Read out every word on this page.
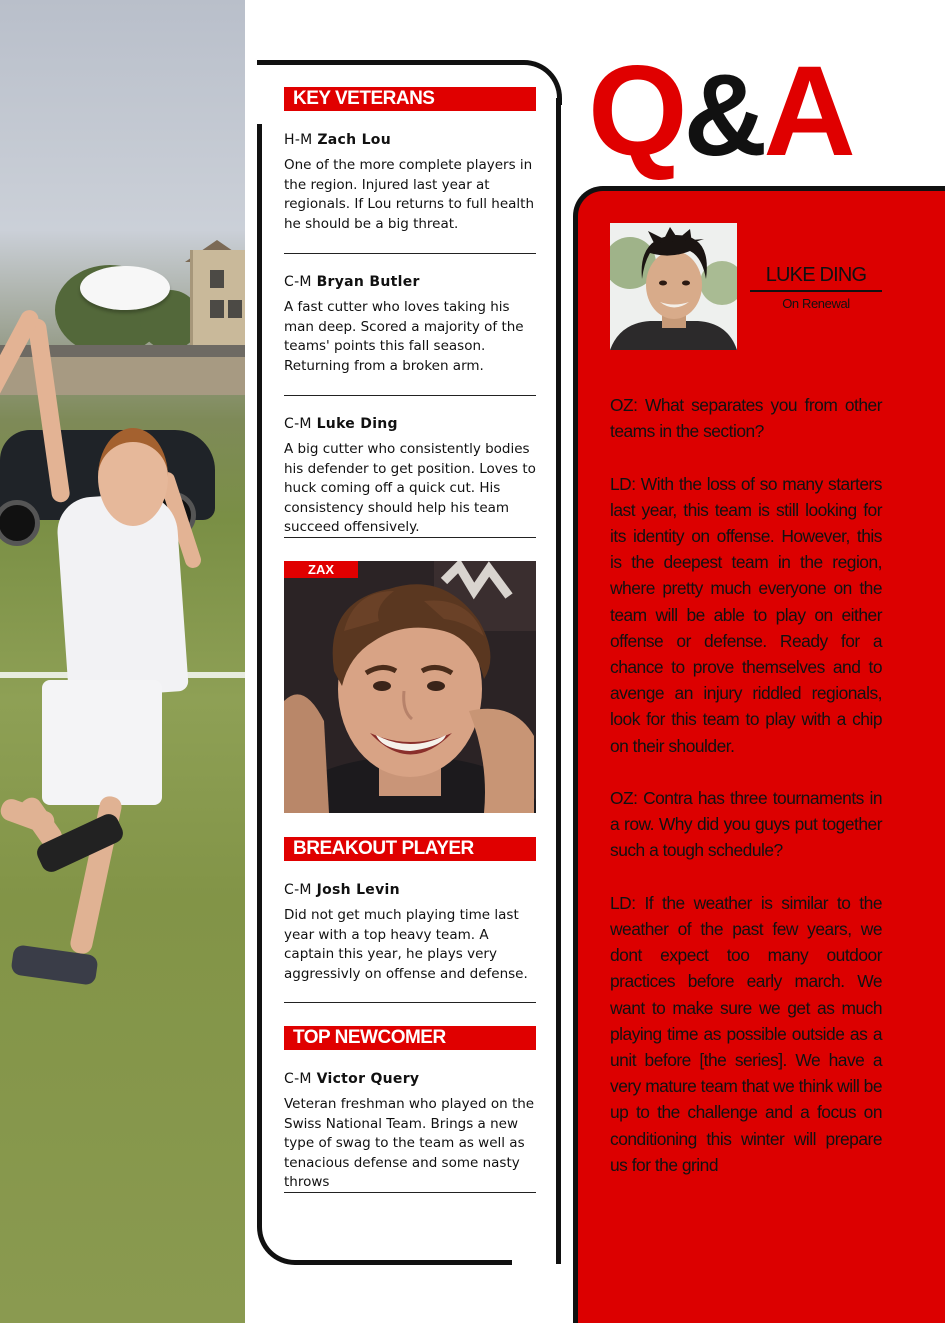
KEY VETERANS

H-M Zach Lou

One of the more complete players in the region. Injured last year at regionals. If Lou returns to full health he should be a big threat.

C-M Bryan Butler

A fast cutter who loves taking his man deep. Scored a majority of the teams' points this fall season. Returning from a broken arm.

C-M Luke Ding

A big cutter who consistently bodies his defender to get position. Loves to huck coming off a quick cut. His consistency should help his team succeed offensively.

ZAX
BREAKOUT PLAYER

C-M Josh Levin

Did not get much playing time last year with a top heavy team. A captain this year, he plays very aggressivly on offense and defense.

TOP NEWCOMER

C-M Victor Query

Veteran freshman who played on the Swiss National Team. Brings a new type of swag to the team as well as tenacious defense and some nasty throws

Q&A
LUKE DING
On Renewal

OZ: What separates you from other teams in the section?

LD: With the loss of so many starters last year, this team is still looking for its identity on offense. However, this is the deepest team in the region, where pretty much everyone on the team will be able to play on either offense or defense. Ready for a chance to prove themselves and to avenge an injury riddled regionals, look for this team to play with a chip on their shoulder.

OZ: Contra has three tournaments in a row. Why did you guys put together such a tough schedule?

LD: If the weather is similar to the weather of the past few years, we dont expect too many outdoor practices before early march. We want to make sure we get as much playing time as possible outside as a unit before [the series]. We have a very mature team that we think will be up to the challenge and a focus on conditioning this winter will prepare us for the grind
